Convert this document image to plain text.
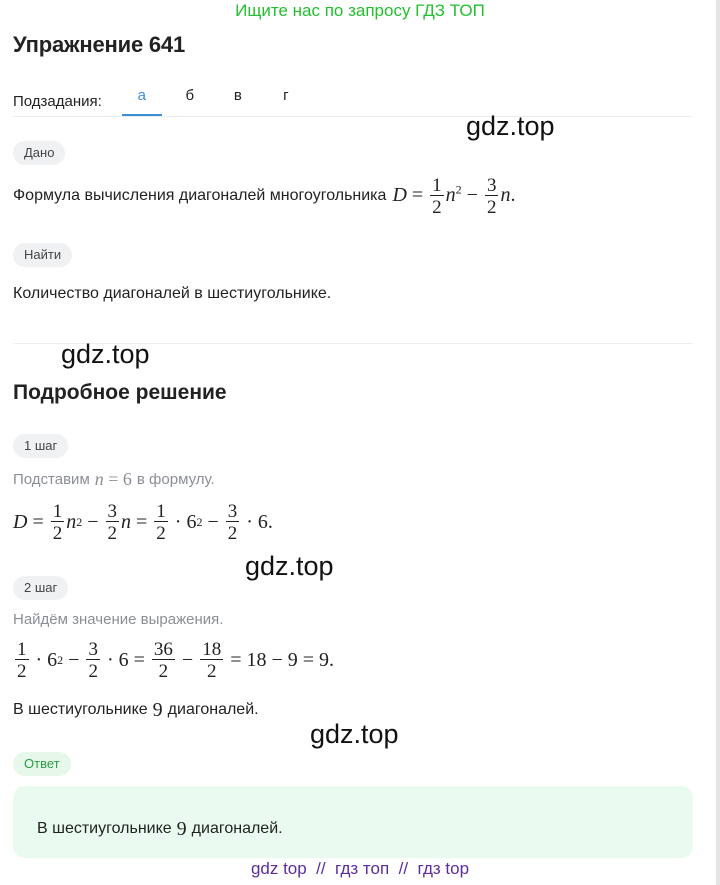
Ищите нас по запросу ГДЗ ТОП
Упражнение 641
Подзадания:	а	б	в	г
gdz.top
Дано
Формула вычисления диагоналей многоугольника $D = \frac{1}{2} n^2 - \frac{3}{2} n$.
Найти
Количество диагоналей в шестиугольнике.
gdz.top
Подробное решение
1 шаг
Подставим n = 6 в формулу.
$D = \frac{1}{2}$ n $2 - \frac{3}{2}$ $n = \frac{1}{2} \cdot 6$ $2 - \frac{3}{2} \cdot 6$.
gdz.top
2 шаг
Найдём значение выражения.
$\frac{1}{2} \cdot 6$ $2 - \frac{3}{2} \cdot 6 = \frac{36}{2} - \frac{18}{2} = 18 - 9 = 9$.
В шестиугольнике 9 диагоналей.
gdz.top
Ответ
В шестиугольнике 9 диагоналей.
gdz top  //  гдз топ  //  гдз top
